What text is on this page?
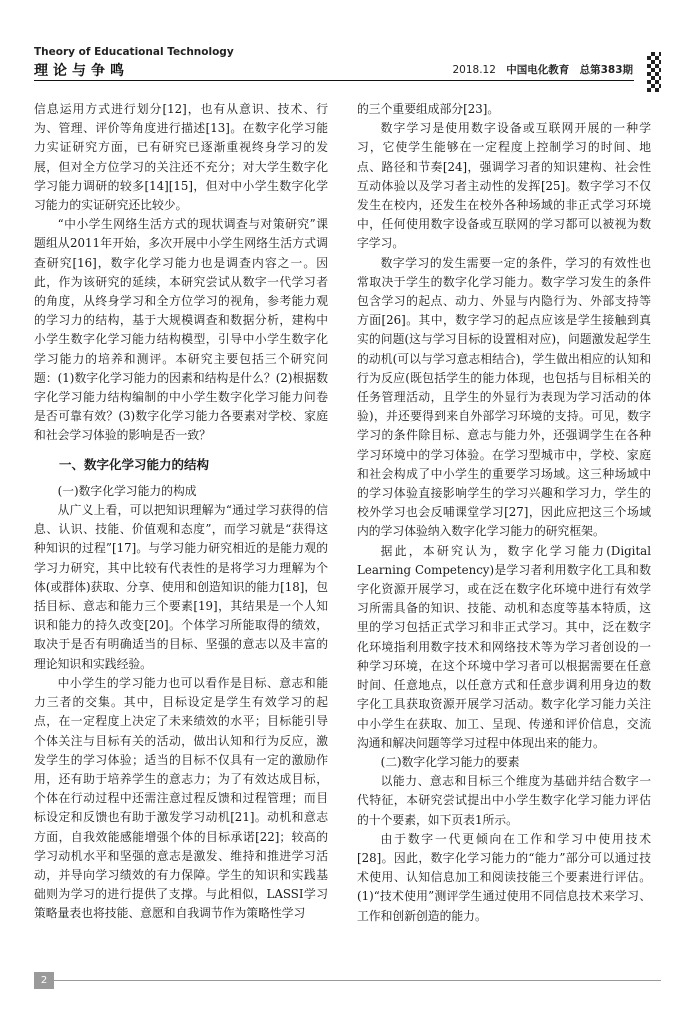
Theory of Educational Technology
理论与争鸣	2018.12 中国电化教育 总第383期

信息运用方式进行划分[12]，也有从意识、技术、行为、管理、评价等角度进行描述[13]。在数字化学习能力实证研究方面，已有研究已逐渐重视终身学习的发展，但对全方位学习的关注还不充分；对大学生数字化学习能力调研的较多[14][15]，但对中小学生数字化学习能力的实证研究还比较少。

“中小学生网络生活方式的现状调查与对策研究”课题组从2011年开始，多次开展中小学生网络生活方式调查研究[16]，数字化学习能力也是调查内容之一。因此，作为该研究的延续，本研究尝试从数字一代学习者的角度，从终身学习和全方位学习的视角，参考能力观的学习力的结构，基于大规模调查和数据分析，建构中小学生数字化学习能力结构模型，引导中小学生数字化学习能力的培养和测评。本研究主要包括三个研究问题：(1)数字化学习能力的因素和结构是什么？(2)根据数字化学习能力结构编制的中小学生数字化学习能力问卷是否可靠有效？(3)数字化学习能力各要素对学校、家庭和社会学习体验的影响是否一致？

一、数字化学习能力的结构
(一)数字化学习能力的构成

从广义上看，可以把知识理解为“通过学习获得的信息、认识、技能、价值观和态度”，而学习就是“获得这种知识的过程”[17]。与学习能力研究相近的是能力观的学习力研究，其中比较有代表性的是将学习力理解为个体(或群体)获取、分享、使用和创造知识的能力[18]，包括目标、意志和能力三个要素[19]，其结果是一个人知识和能力的持久改变[20]。个体学习所能取得的绩效，取决于是否有明确适当的目标、坚强的意志以及丰富的理论知识和实践经验。

中小学生的学习能力也可以看作是目标、意志和能力三者的交集。其中，目标设定是学生有效学习的起点，在一定程度上决定了未来绩效的水平；目标能引导个体关注与目标有关的活动，做出认知和行为反应，激发学生的学习体验；适当的目标不仅具有一定的激励作用，还有助于培养学生的意志力；为了有效达成目标，个体在行动过程中还需注意过程反馈和过程管理；而目标设定和反馈也有助于激发学习动机[21]。动机和意志方面，自我效能感能增强个体的目标承诺[22]；较高的学习动机水平和坚强的意志是激发、维持和推进学习活动，并导向学习绩效的有力保障。学生的知识和实践基础则为学习的进行提供了支撑。与此相似，LASSI学习策略量表也将技能、意愿和自我调节作为策略性学习

的三个重要组成部分[23]。

数字学习是使用数字设备或互联网开展的一种学习，它使学生能够在一定程度上控制学习的时间、地点、路径和节奏[24]，强调学习者的知识建构、社会性互动体验以及学习者主动性的发挥[25]。数字学习不仅发生在校内，还发生在校外各种场域的非正式学习环境中，任何使用数字设备或互联网的学习都可以被视为数字学习。

数字学习的发生需要一定的条件，学习的有效性也常取决于学生的数字化学习能力。数字学习发生的条件包含学习的起点、动力、外显与内隐行为、外部支持等方面[26]。其中，数字学习的起点应该是学生接触到真实的问题(这与学习目标的设置相对应)，问题激发起学生的动机(可以与学习意志相结合)，学生做出相应的认知和行为反应(既包括学生的能力体现，也包括与目标相关的任务管理活动，且学生的外显行为表现为学习活动的体验)，并还要得到来自外部学习环境的支持。可见，数字学习的条件除目标、意志与能力外，还强调学生在各种学习环境中的学习体验。在学习型城市中，学校、家庭和社会构成了中小学生的重要学习场域。这三种场域中的学习体验直接影响学生的学习兴趣和学习力，学生的校外学习也会反哺课堂学习[27]，因此应把这三个场域内的学习体验纳入数字化学习能力的研究框架。

据此，本研究认为，数字化学习能力(Digital Learning Competency)是学习者利用数字化工具和数字化资源开展学习，或在泛在数字化环境中进行有效学习所需具备的知识、技能、动机和态度等基本特质，这里的学习包括正式学习和非正式学习。其中，泛在数字化环境指利用数字技术和网络技术等为学习者创设的一种学习环境，在这个环境中学习者可以根据需要在任意时间、任意地点，以任意方式和任意步调利用身边的数字化工具获取资源开展学习活动。数字化学习能力关注中小学生在获取、加工、呈现、传递和评价信息，交流沟通和解决问题等学习过程中体现出来的能力。

(二)数字化学习能力的要素

以能力、意志和目标三个维度为基础并结合数字一代特征，本研究尝试提出中小学生数字化学习能力评估的十个要素，如下页表1所示。

由于数字一代更倾向在工作和学习中使用技术[28]。因此，数字化学习能力的“能力”部分可以通过技术使用、认知信息加工和阅读技能三个要素进行评估。(1)“技术使用”测评学生通过使用不同信息技术来学习、工作和创新创造的能力。

2
